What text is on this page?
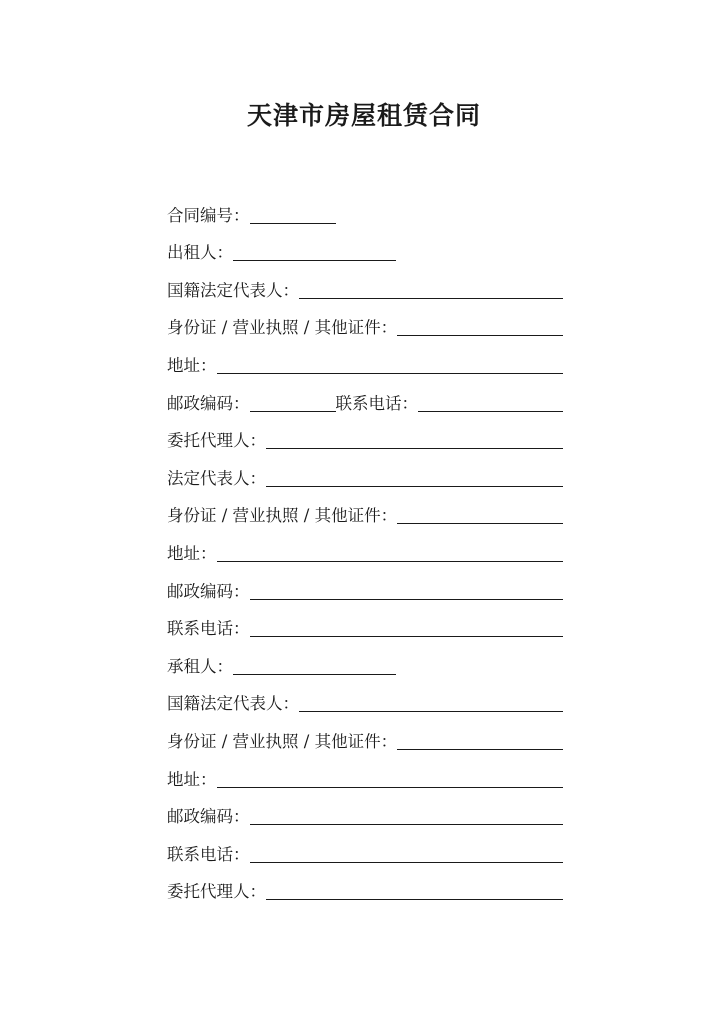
天津市房屋租赁合同
合同编号：
出租人：
国籍法定代表人：
身份证 / 营业执照 / 其他证件：
地址：
邮政编码：	联系电话：
委托代理人：
法定代表人：
身份证 / 营业执照 / 其他证件：
地址：
邮政编码：
联系电话：
承租人：
国籍法定代表人：
身份证 / 营业执照 / 其他证件：
地址：
邮政编码：
联系电话：
委托代理人：
